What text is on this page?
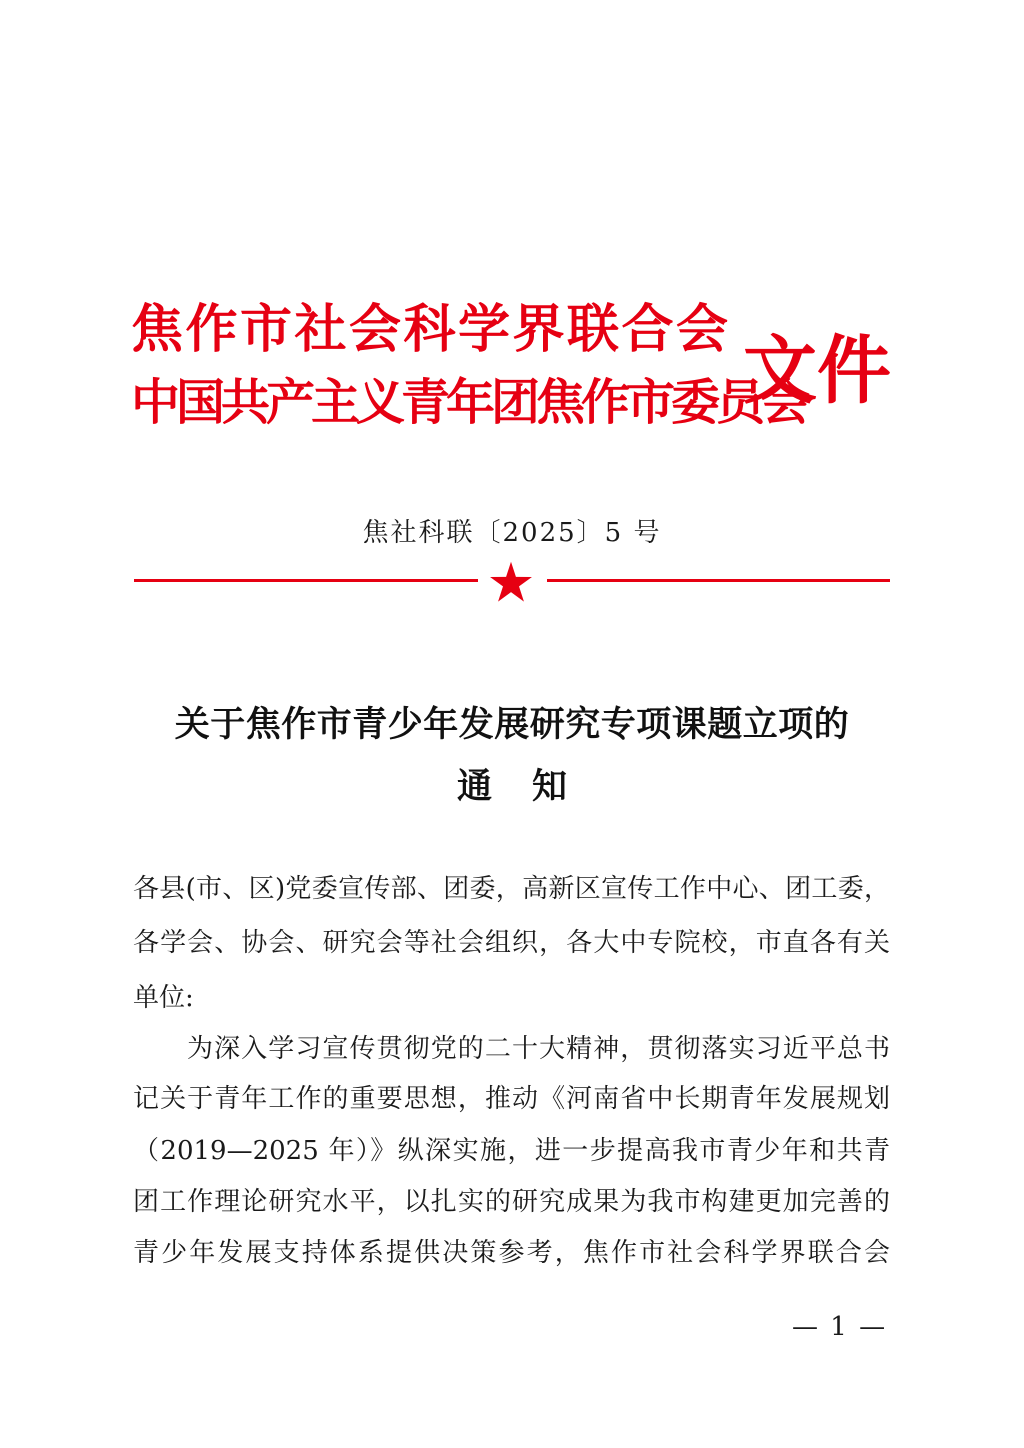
焦作市社会科学界联合会
中国共产主义青年团焦作市委员会
文件
焦社科联〔2025〕5 号
关于焦作市青少年发展研究专项课题立项的
通知
各县(市、区)党委宣传部、团委，高新区宣传工作中心、团工委，
各学会、协会、研究会等社会组织，各大中专院校，市直各有关
单位:
为深入学习宣传贯彻党的二十大精神，贯彻落实习近平总书
记关于青年工作的重要思想，推动《河南省中长期青年发展规划
（2019—2025 年）》纵深实施，进一步提高我市青少年和共青
团工作理论研究水平，以扎实的研究成果为我市构建更加完善的
青少年发展支持体系提供决策参考，焦作市社会科学界联合会
— 1 —
